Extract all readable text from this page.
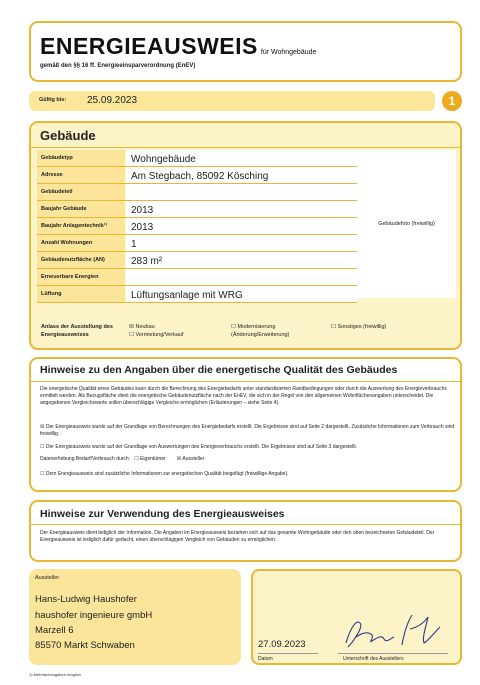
ENERGIEAUSWEIS für Wohngebäude
gemäß den §§ 16 ff. Energieeinsparverordnung (EnEV)
Gültig bis: 25.09.2023	1
Gebäude
Gebäudetyp	Wohngebäude
Adresse	Am Stegbach, 85092 Kösching
Gebäudeteil
Baujahr Gebäude	2013
Baujahr Anlagentechnik¹⁾	2013
Anzahl Wohnungen	1
Gebäudenutzfläche (AN)	283 m²
Erneuerbare Energien
Lüftung	Lüftungsanlage mit WRG
Gebäudefoto (freiwillig)
Anlass der Ausstellung des Energieausweises
☒ Neubau
☐ Vermietung/Verkauf
☐ Modernisierung (Änderung/Erweiterung)
☐ Sonstiges (freiwillig)
Hinweise zu den Angaben über die energetische Qualität des Gebäudes
Die energetische Qualität eines Gebäudes kann durch die Berechnung des Energiebedarfs unter standardisierten Randbedingungen oder durch die Auswertung des Energieverbrauchs ermittelt werden. Als Bezugsfläche dient die energetische Gebäudenutzfläche nach der EnEV, die sich in der Regel von den allgemeinen Wohnflächenangaben unterscheidet. Die angegebenen Vergleichswerte sollen überschlägige Vergleiche ermöglichen (Erläuterungen – siehe Seite 4).
☒ Der Energieausweis wurde auf der Grundlage von Berechnungen des Energiebedarfs erstellt. Die Ergebnisse sind auf Seite 2 dargestellt. Zusätzliche Informationen zum Verbrauch sind freiwillig.
☐ Der Energieausweis wurde auf der Grundlage von Auswertungen des Energieverbrauchs erstellt. Die Ergebnisse sind auf Seite 3 dargestellt.
Datenerhebung Bedarf/Verbrauch durch:   ☐ Eigentümer        ☒ Aussteller
☐ Dem Energieausweis sind zusätzliche Informationen zur energetischen Qualität beigefügt (freiwillige Angabe).
Hinweise zur Verwendung des Energieausweises
Der Energieausweis dient lediglich der Information. Die Angaben im Energieausweis beziehen sich auf das gesamte Wohngebäude oder den oben bezeichneten Gebäudeteil. Der Energieausweis ist lediglich dafür gedacht, einen überschlägigen Vergleich von Gebäuden zu ermöglichen.
Aussteller
Hans-Ludwig Haushofer
haushofer ingenieure gmbH
Marzell 6
85570 Markt Schwaben	27.09.2023
Datum	Unterschrift des Ausstellers
1) Mehrfachangaben möglich
